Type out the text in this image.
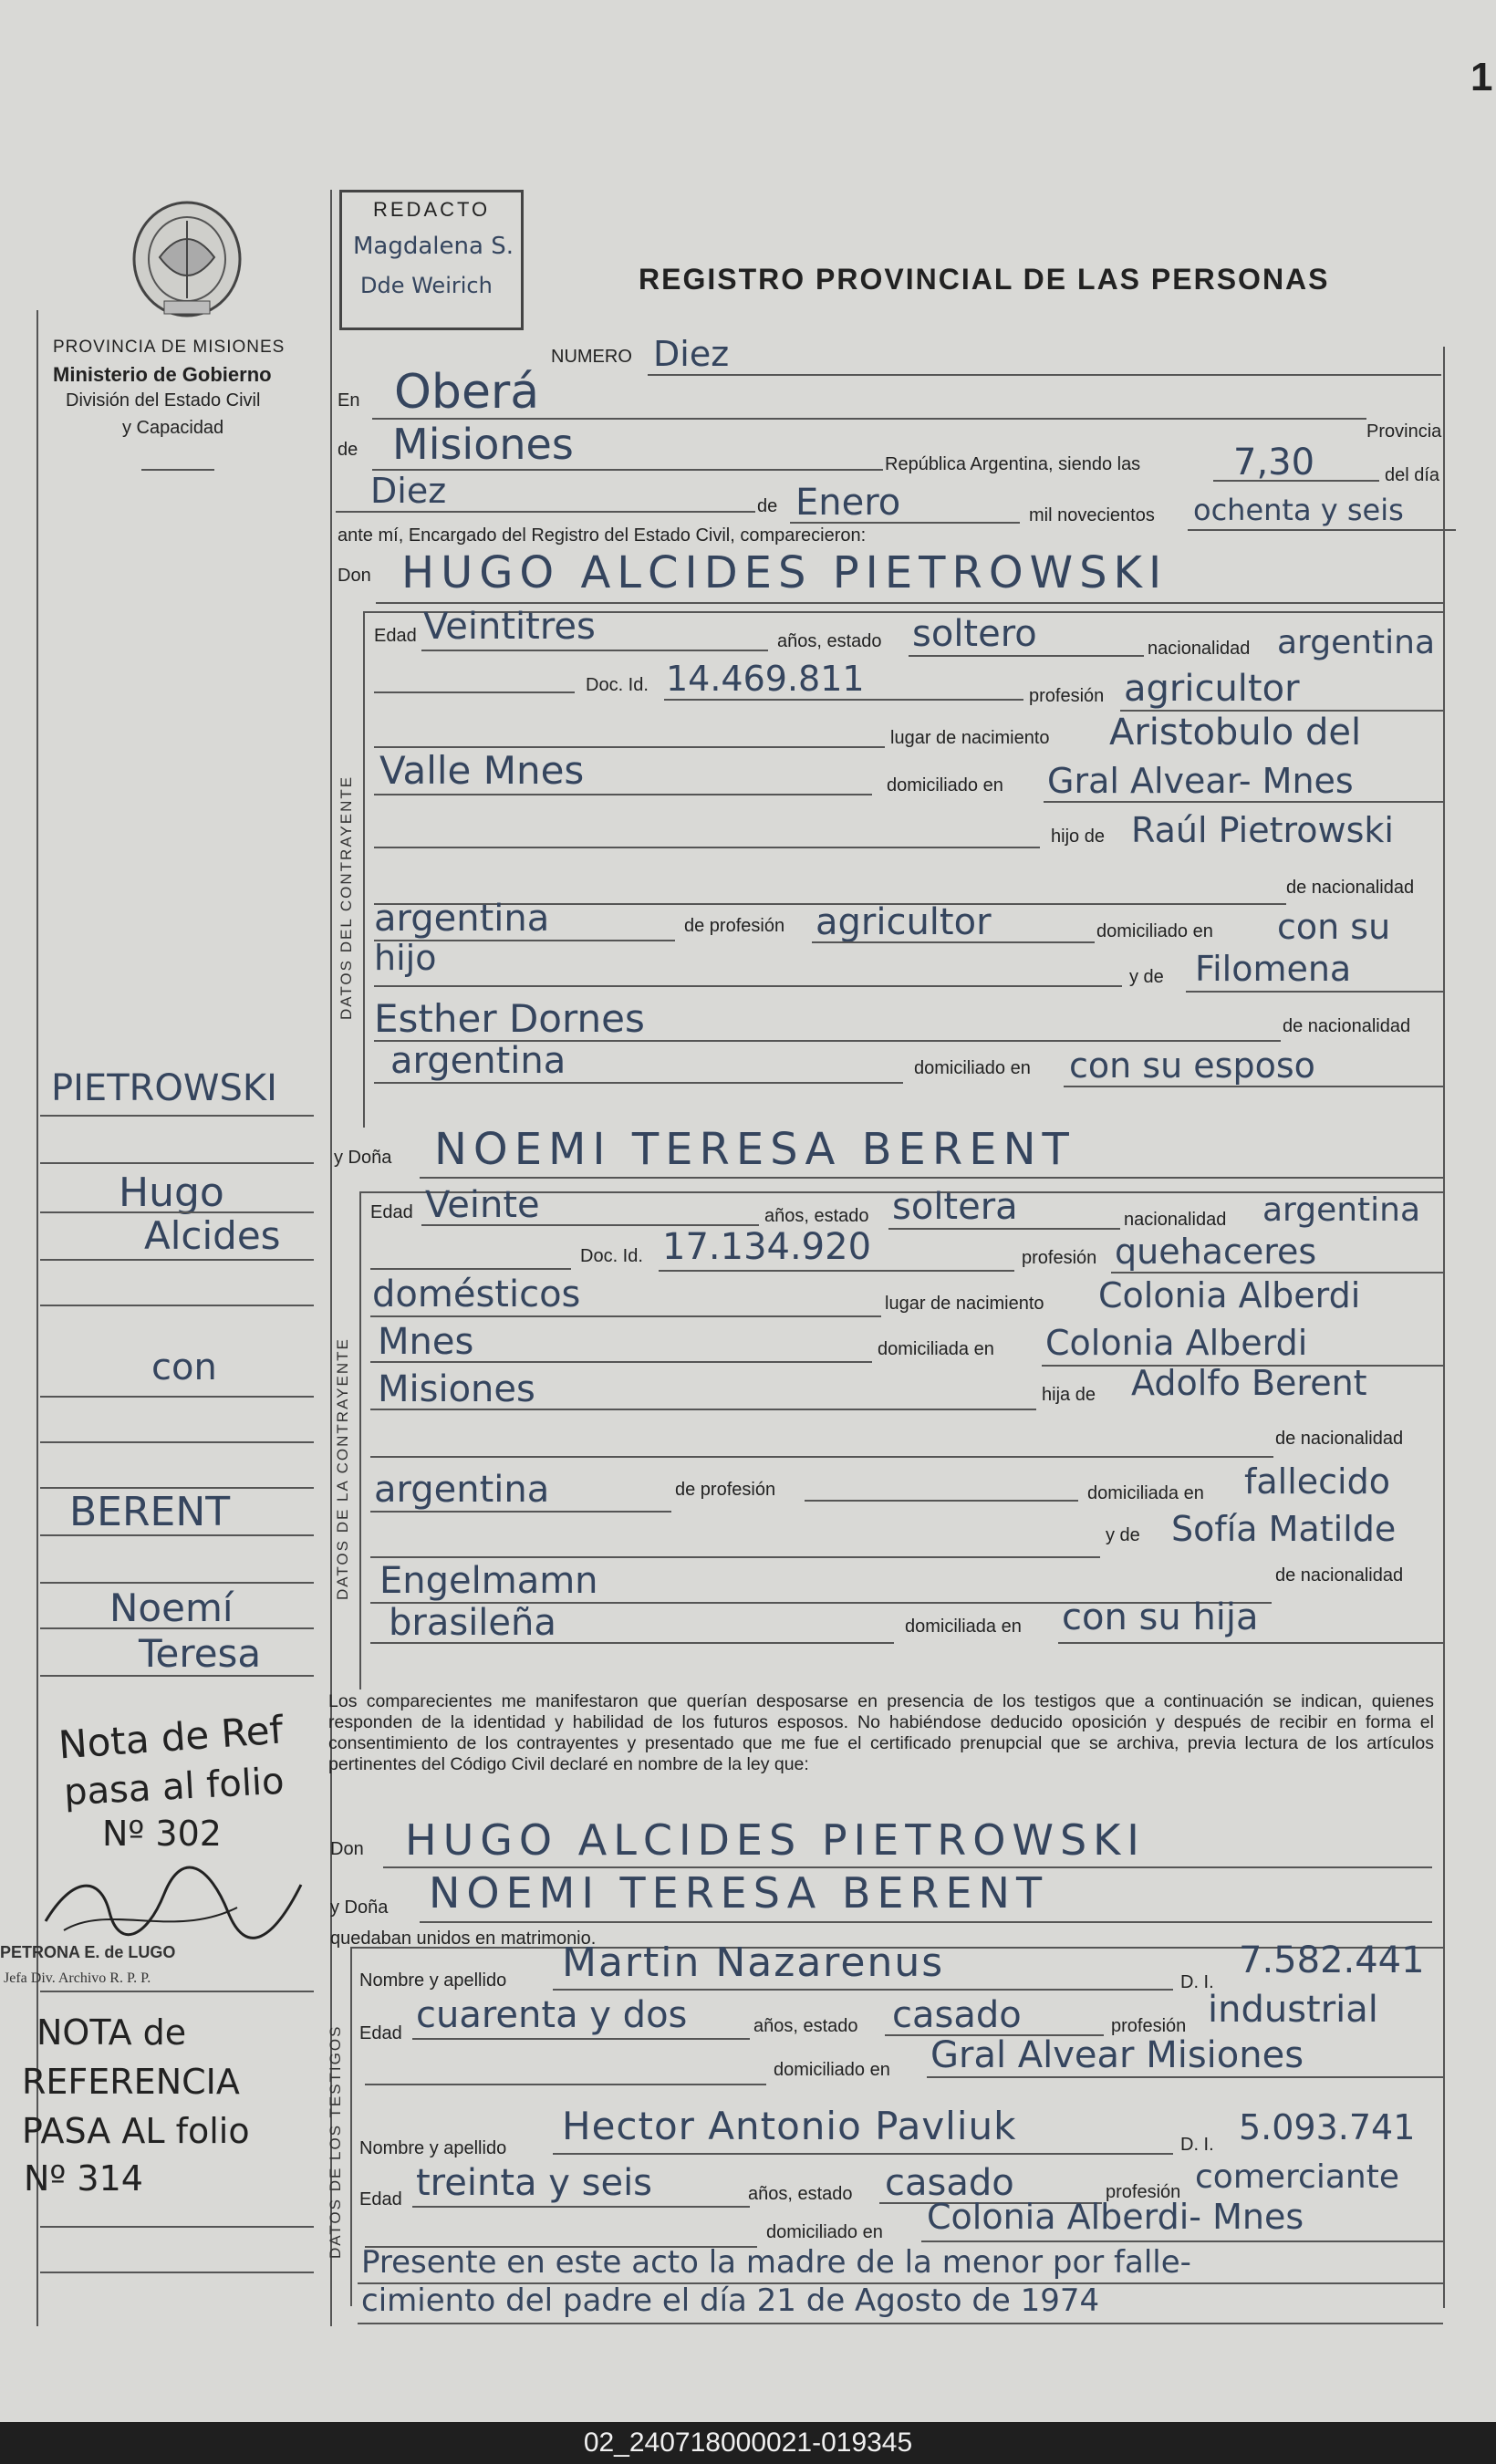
1
PROVINCIA DE MISIONES
Ministerio de Gobierno
División del Estado Civil
y Capacidad
REDACTO
Magdalena S.
Dde Weirich	REGISTRO PROVINCIAL DE LAS PERSONAS
NUMERO Diez
En Oberá
Provincia
de Misiones	República Argentina, siendo las	7,30	del día
Diez	de Enero	mil novecientos ochenta y seis
ante mí, Encargado del Registro del Estado Civil, comparecieron:
Don HUGO ALCIDES PIETROWSKI
DATOS DEL CONTRAYENTE
Edad Veintitres	años, estado soltero	nacionalidad argentina
Doc. Id. 14.469.811	profesión agricultor
lugar de nacimiento Aristobulo del
Valle Mnes	domiciliado en Gral Alvear- Mnes
hijo de Raúl Pietrowski
de nacionalidad
argentina	de profesión agricultor	domiciliado en con su
hijo	y de Filomena
Esther Dornes	de nacionalidad
argentina	domiciliado en con su esposo
y Doña NOEMI TERESA BERENT
DATOS DE LA CONTRAYENTE
Edad Veinte	años, estado soltera	nacionalidad argentina
Doc. Id. 17.134.920	profesión quehaceres
domésticos	lugar de nacimiento Colonia Alberdi
Mnes	domiciliada en Colonia Alberdi
Misiones	hija de Adolfo Berent
de nacionalidad
argentina	de profesión	domiciliada en fallecido
y de Sofía Matilde
Engelmamn	de nacionalidad
brasileña	domiciliada en con su hija
Los comparecientes me manifestaron que querían desposarse en presencia de los testigos que a continuación se indican, quienes responden de la identidad y habilidad de los futuros esposos. No habiéndose deducido oposición y después de recibir en forma el consentimiento de los contrayentes y presentado que me fue el certificado prenupcial que se archiva, previa lectura de los artículos pertinentes del Código Civil declaré en nombre de la ley que:
Don HUGO ALCIDES PIETROWSKI
y Doña NOEMI TERESA BERENT
quedaban unidos en matrimonio.
DATOS DE LOS TESTIGOS
Nombre y apellido Martin Nazarenus	D. I.
7.582.441
Edad cuarenta y dos	años, estado casado	profesión industrial
domiciliado en Gral Alvear Misiones
Nombre y apellido Hector Antonio Pavliuk	D. I. 5.093.741
Edad treinta y seis	años, estado casado	profesión comerciante
domiciliado en Colonia Alberdi- Mnes
Presente en este acto la madre de la menor por falle-
cimiento del padre el día 21 de Agosto de 1974
PIETROWSKI
Hugo
Alcides
con
BERENT
Noemí
Teresa
Nota de Ref
pasa al folio
Nº 302
PETRONA E. de LUGO
Jefa Div. Archivo R. P. P.
NOTA de
REFERENCIA
PASA AL folio
Nº 314
02_240718000021-019345
